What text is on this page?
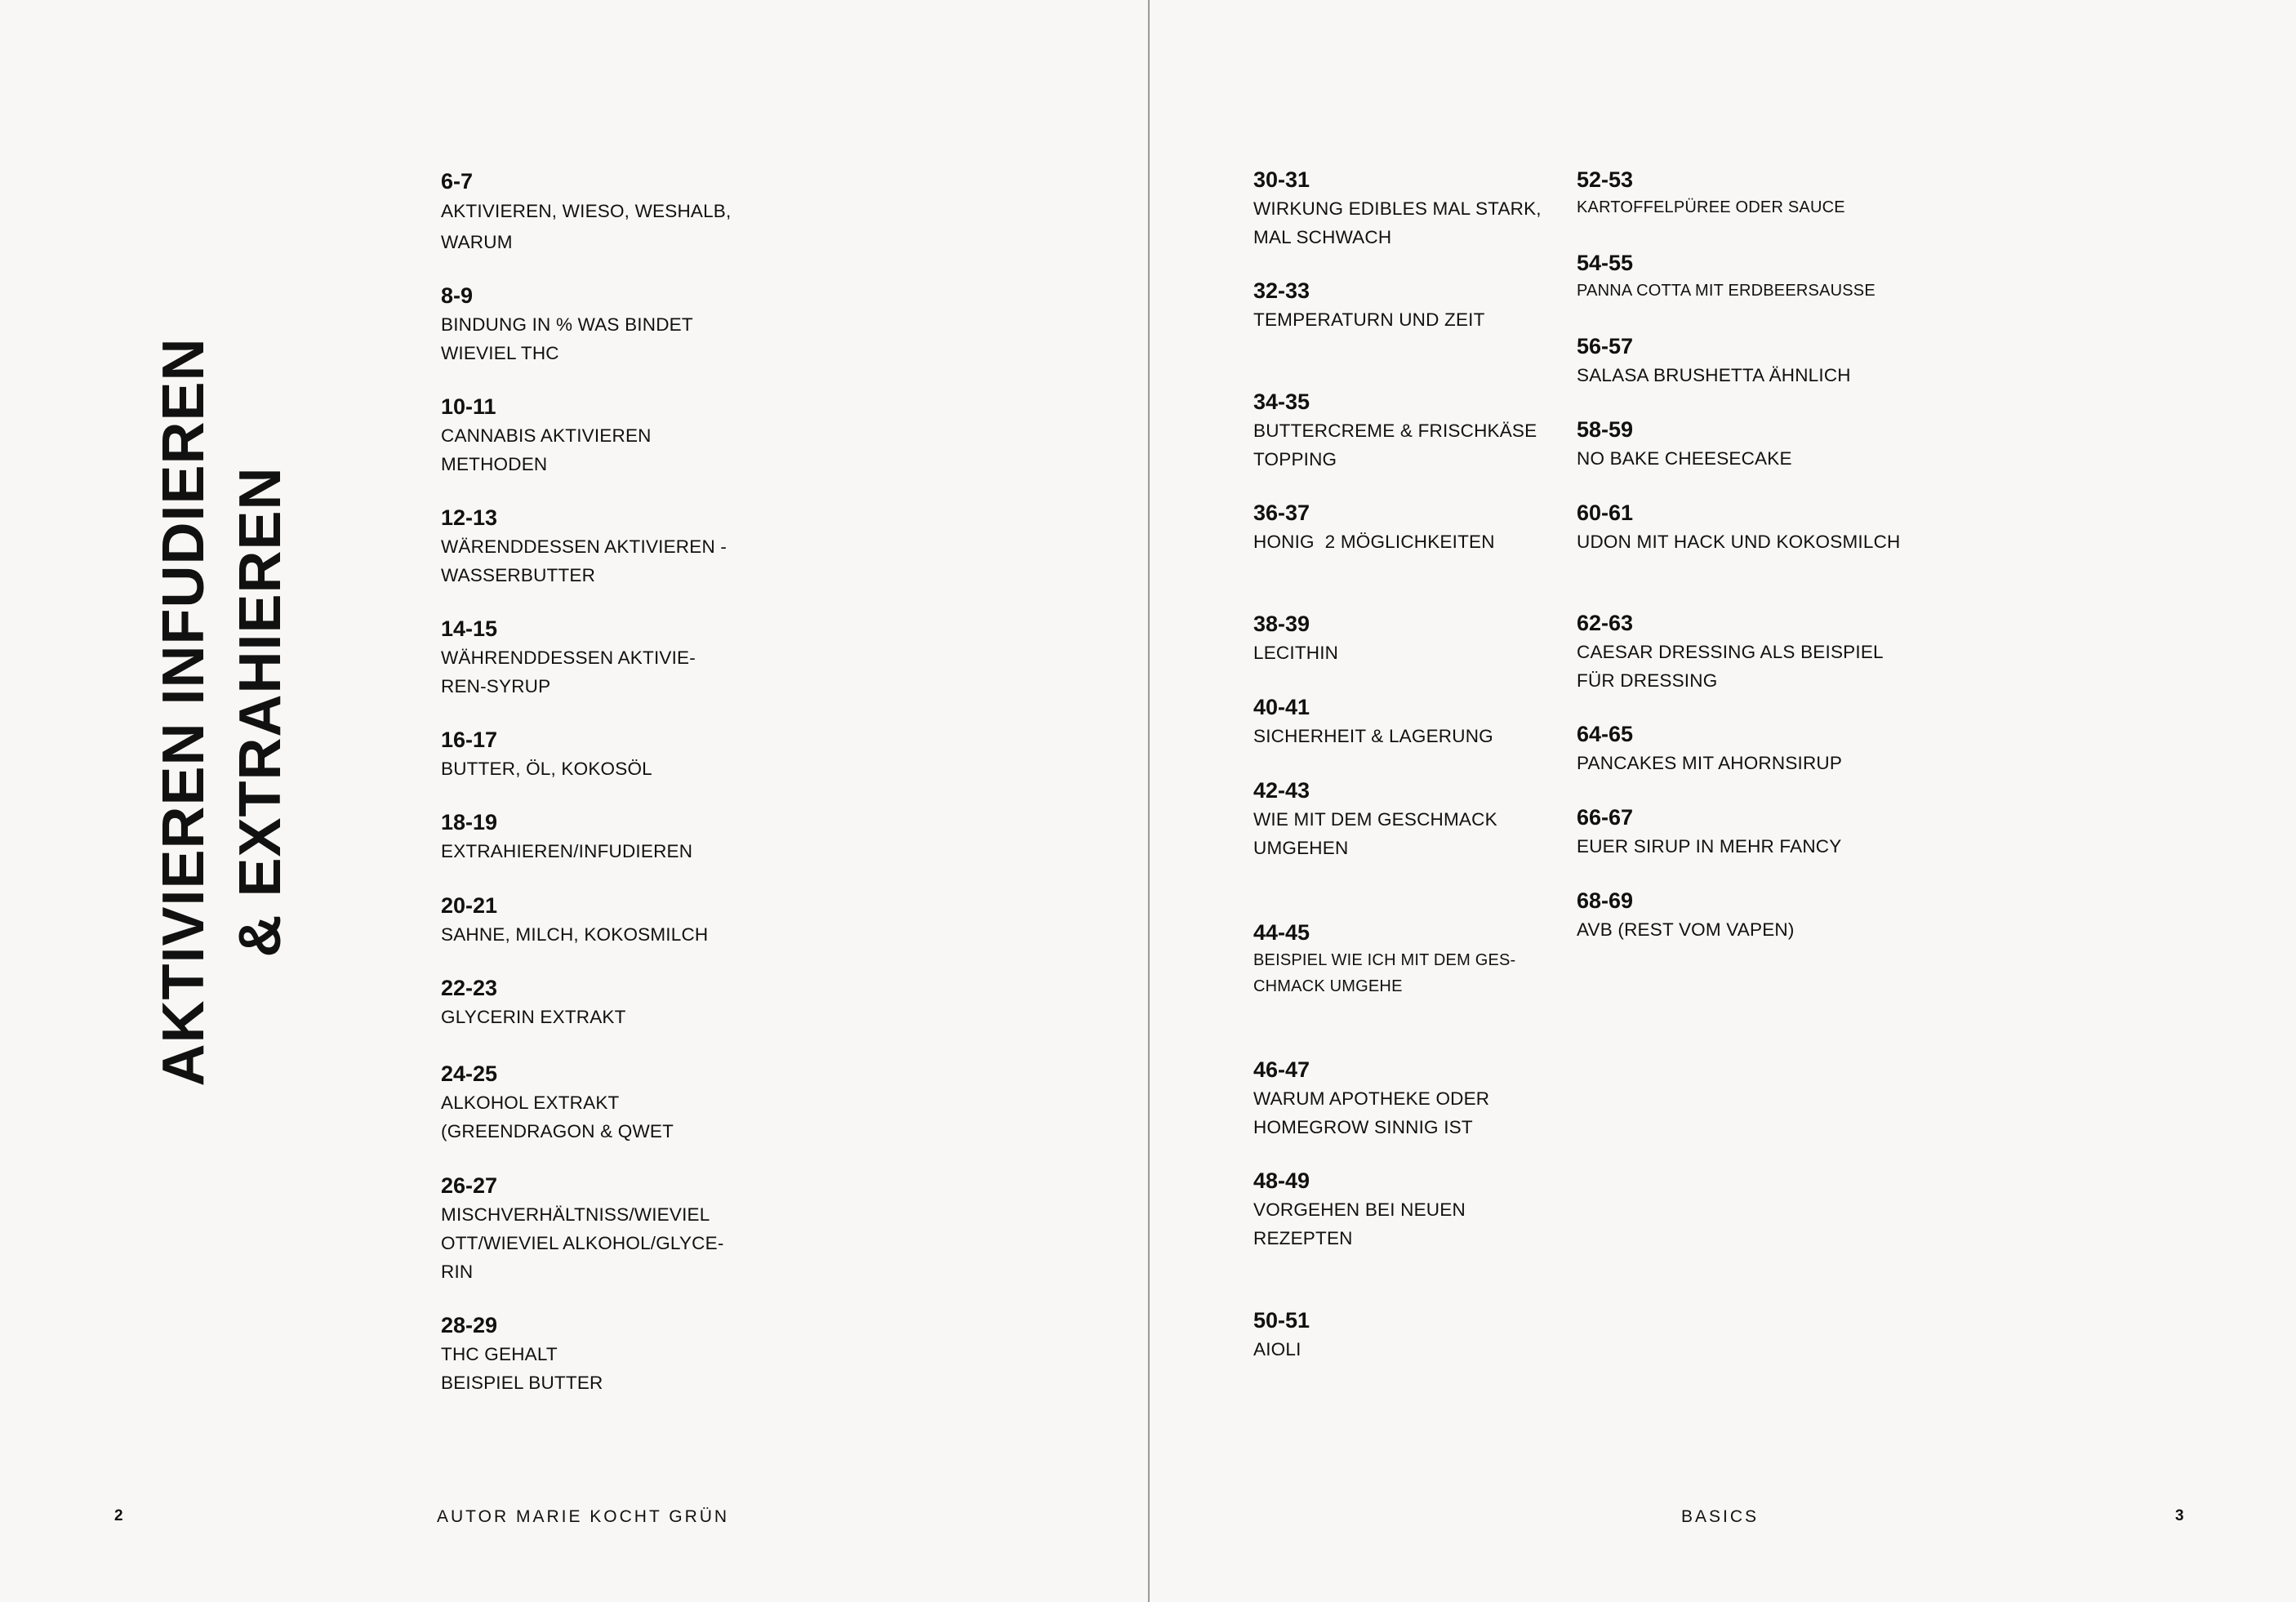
AKTIVIEREN INFUDIEREN & EXTRAHIEREN
6-7
AKTIVIEREN, WIESO, WESHALB, WARUM
8-9
BINDUNG IN % WAS BINDET WIEVIEL THC
10-11
CANNABIS AKTIVIEREN METHODEN
12-13
WÄRENDDESSEN AKTIVIEREN -WASSERBUTTER
14-15
WÄHRENDDESSEN AKTIVIE-REN-SYRUP
16-17
BUTTER, ÖL, KOKOSÖL
18-19
EXTRAHIEREN/INFUDIEREN
20-21
SAHNE, MILCH, KOKOSMILCH
22-23
GLYCERIN EXTRAKT
24-25
ALKOHOL EXTRAKT (GREENDRAGON & QWET
26-27
MISCHVERHÄLTNISS/WIEVIEL OTT/WIEVIEL ALKOHOL/GLYCE-RIN
28-29
THC GEHALT BEISPIEL BUTTER
2	AUTOR MARIE KOCHT GRÜN
30-31
WIRKUNG EDIBLES MAL STARK, MAL SCHWACH
32-33
TEMPERATURN UND ZEIT
34-35
BUTTERCREME & FRISCHKÄSE TOPPING
36-37
HONIG  2 MÖGLICHKEITEN
38-39
LECITHIN
40-41
SICHERHEIT & LAGERUNG
42-43
WIE MIT DEM GESCHMACK UMGEHEN
44-45
BEISPIEL WIE ICH MIT DEM GES-CHMACK UMGEHE
46-47
WARUM APOTHEKE ODER HOMEGROW SINNIG IST
48-49
VORGEHEN BEI NEUEN REZEPTEN
50-51
AIOLI
52-53
KARTOFFELPÜREE ODER SAUCE
54-55
PANNA COTTA MIT ERDBEERSAUSSE
56-57
SALASA BRUSHETTA ÄHNLICH
58-59
NO BAKE CHEESECAKE
60-61
UDON MIT HACK UND KOKOSMILCH
62-63
CAESAR DRESSING ALS BEISPIEL FÜR DRESSING
64-65
PANCAKES MIT AHORNSIRUP
66-67
EUER SIRUP IN MEHR FANCY
68-69
AVB (REST VOM VAPEN)
BASICS	3
